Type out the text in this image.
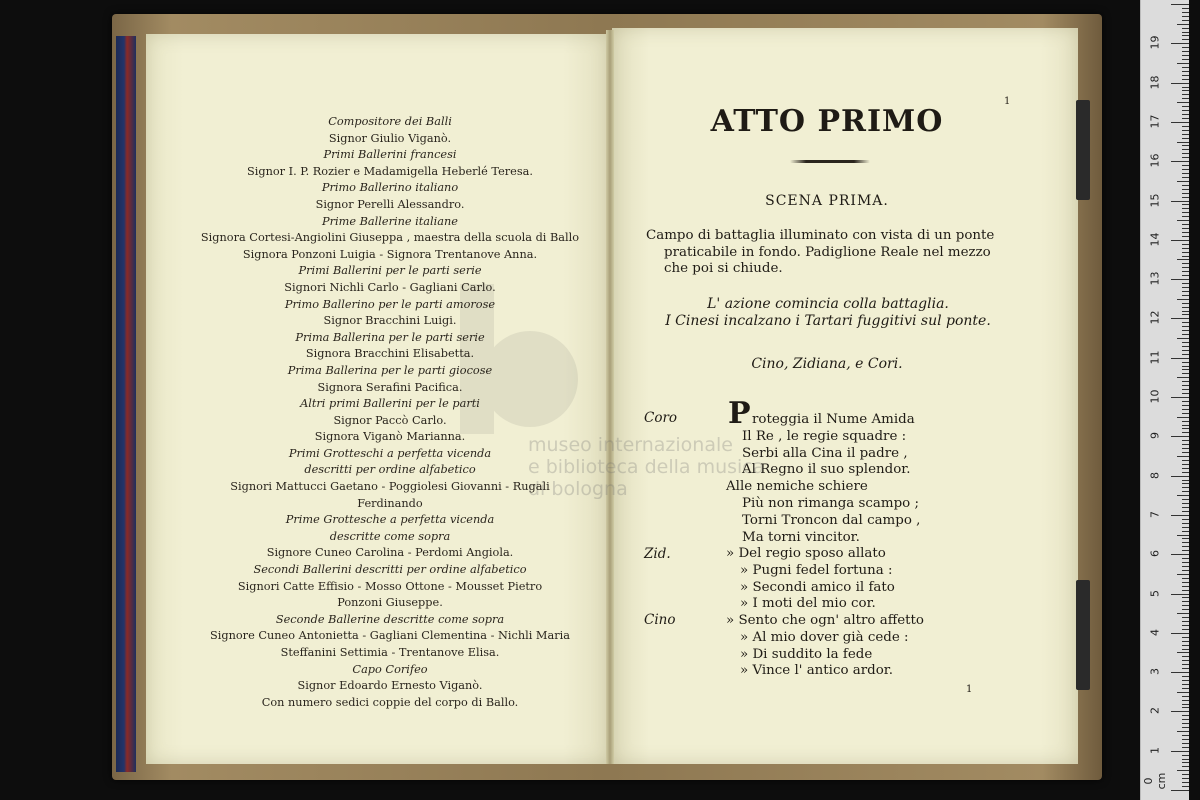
museo internazionale
e biblioteca della musica
di bologna
Compositore dei Balli
Signor Giulio Viganò.
Primi Ballerini francesi
Signor I. P. Rozier e Madamigella Heberlé Teresa.
Primo Ballerino italiano
Signor Perelli Alessandro.
Prime Ballerine italiane
Signora Cortesi-Angiolini Giuseppa , maestra della scuola di Ballo
Signora Ponzoni Luigia - Signora Trentanove Anna.
Primi Ballerini per le parti serie
Signori Nichli Carlo - Gagliani Carlo.
Primo Ballerino per le parti amorose
Signor Bracchini Luigi.
Prima Ballerina per le parti serie
Signora Bracchini Elisabetta.
Prima Ballerina per le parti giocose
Signora Serafini Pacifica.
Altri primi Ballerini per le parti
Signor Paccò Carlo.
Signora Viganò Marianna.
Primi Grotteschi a perfetta vicenda
descritti per ordine alfabetico
Signori Mattucci Gaetano - Poggiolesi Giovanni - Rugali Ferdinando
Prime Grottesche a perfetta vicenda
descritte come sopra
Signore Cuneo Carolina - Perdomi Angiola.
Secondi Ballerini descritti per ordine alfabetico
Signori Catte Effisio - Mosso Ottone - Mousset Pietro
Ponzoni Giuseppe.
Seconde Ballerine descritte come sopra
Signore Cuneo Antonietta - Gagliani Clementina - Nichli Maria
Steffanini Settimia - Trentanove Elisa.
Capo Corifeo
Signor Edoardo Ernesto Viganò.
Con numero sedici coppie del corpo di Ballo.
1
ATTO PRIMO
SCENA PRIMA.
Campo di battaglia illuminato con vista di un ponte
praticabile in fondo. Padiglione Reale nel mezzo
che poi si chiude.
L' azione comincia colla battaglia.
I Cinesi incalzano i Tartari fuggitivi sul ponte.
Cino, Zidiana, e Cori.
Coro
Zid.
Cino
P roteggia il Nume Amida
Il Re , le regie squadre :
Serbi alla Cina il padre ,
Al Regno il suo splendor.
Alle nemiche schiere
Più non rimanga scampo ;
Torni Troncon dal campo ,
Ma torni vincitor.
» Del regio sposo allato
» Pugni fedel fortuna :
» Secondi amico il fato
» I moti del mio cor.
» Sento che ogn' altro affetto
» Al mio dover già cede :
» Di suddito la fede
» Vince l' antico ardor.
1
0 cm
1
2
3
4
5
6
7
8
9
10
11
12
13
14
15
16
17
18
19
